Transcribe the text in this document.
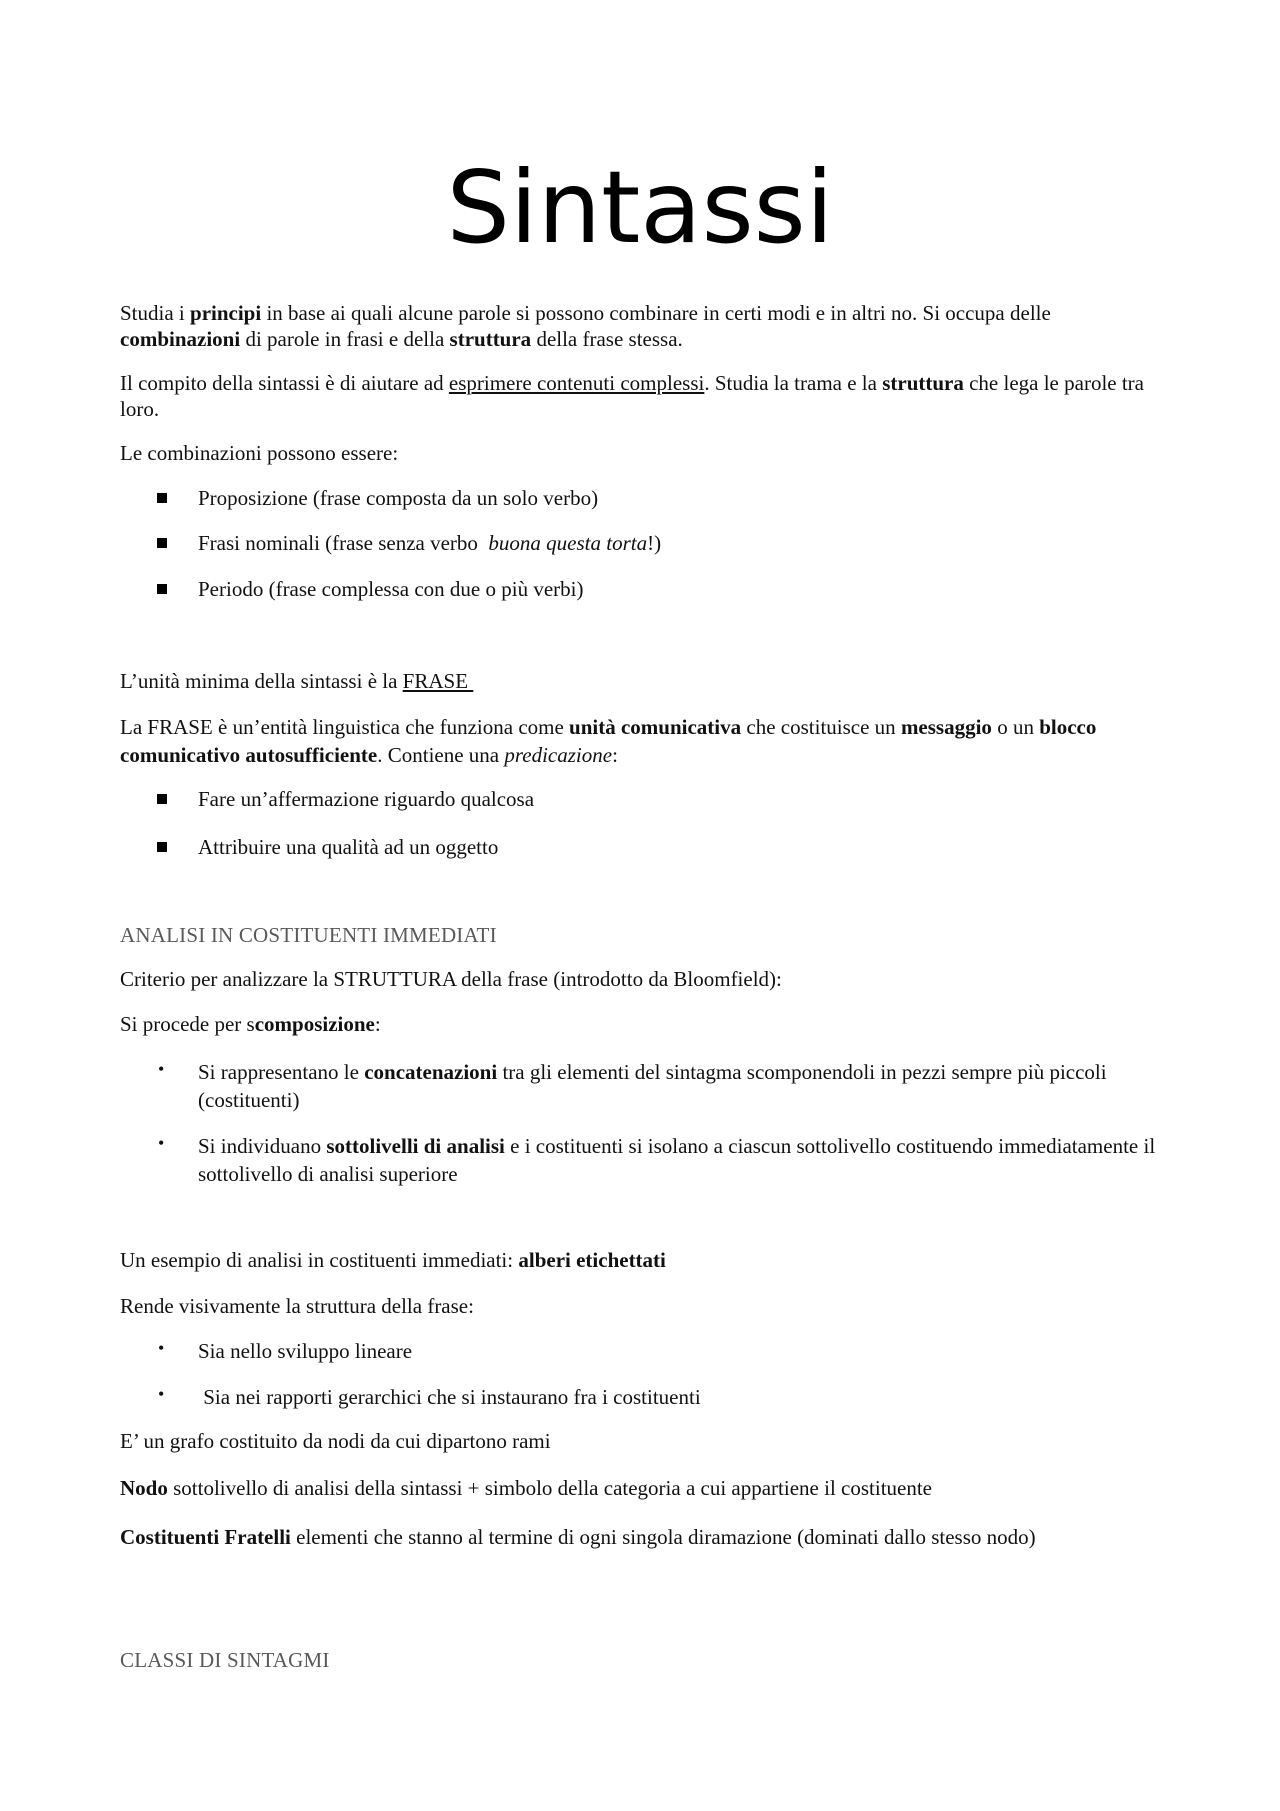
Sintassi

Studia i principi in base ai quali alcune parole si possono combinare in certi modi e in altri no. Si occupa delle combinazioni di parole in frasi e della struttura della frase stessa.

Il compito della sintassi è di aiutare ad esprimere contenuti complessi. Studia la trama e la struttura che lega le parole tra loro.

Le combinazioni possono essere:

Proposizione (frase composta da un solo verbo)
Frasi nominali (frase senza verbo  buona questa torta!)
Periodo (frase complessa con due o più verbi)

L’unità minima della sintassi è la FRASE

La FRASE è un’entità linguistica che funziona come unità comunicativa che costituisce un messaggio o un blocco comunicativo autosufficiente. Contiene una predicazione:

Fare un’affermazione riguardo qualcosa
Attribuire una qualità ad un oggetto

ANALISI IN COSTITUENTI IMMEDIATI

Criterio per analizzare la STRUTTURA della frase (introdotto da Bloomfield):

Si procede per scomposizione:

•	Si rappresentano le concatenazioni tra gli elementi del sintagma scomponendoli in pezzi sempre più piccoli (costituenti)
•	Si individuano sottolivelli di analisi e i costituenti si isolano a ciascun sottolivello costituendo immediatamente il sottolivello di analisi superiore

Un esempio di analisi in costituenti immediati: alberi etichettati

Rende visivamente la struttura della frase:

•	Sia nello sviluppo lineare
•	Sia nei rapporti gerarchici che si instaurano fra i costituenti

E’ un grafo costituito da nodi da cui dipartono rami

Nodo sottolivello di analisi della sintassi + simbolo della categoria a cui appartiene il costituente

Costituenti Fratelli elementi che stanno al termine di ogni singola diramazione (dominati dallo stesso nodo)

CLASSI DI SINTAGMI
